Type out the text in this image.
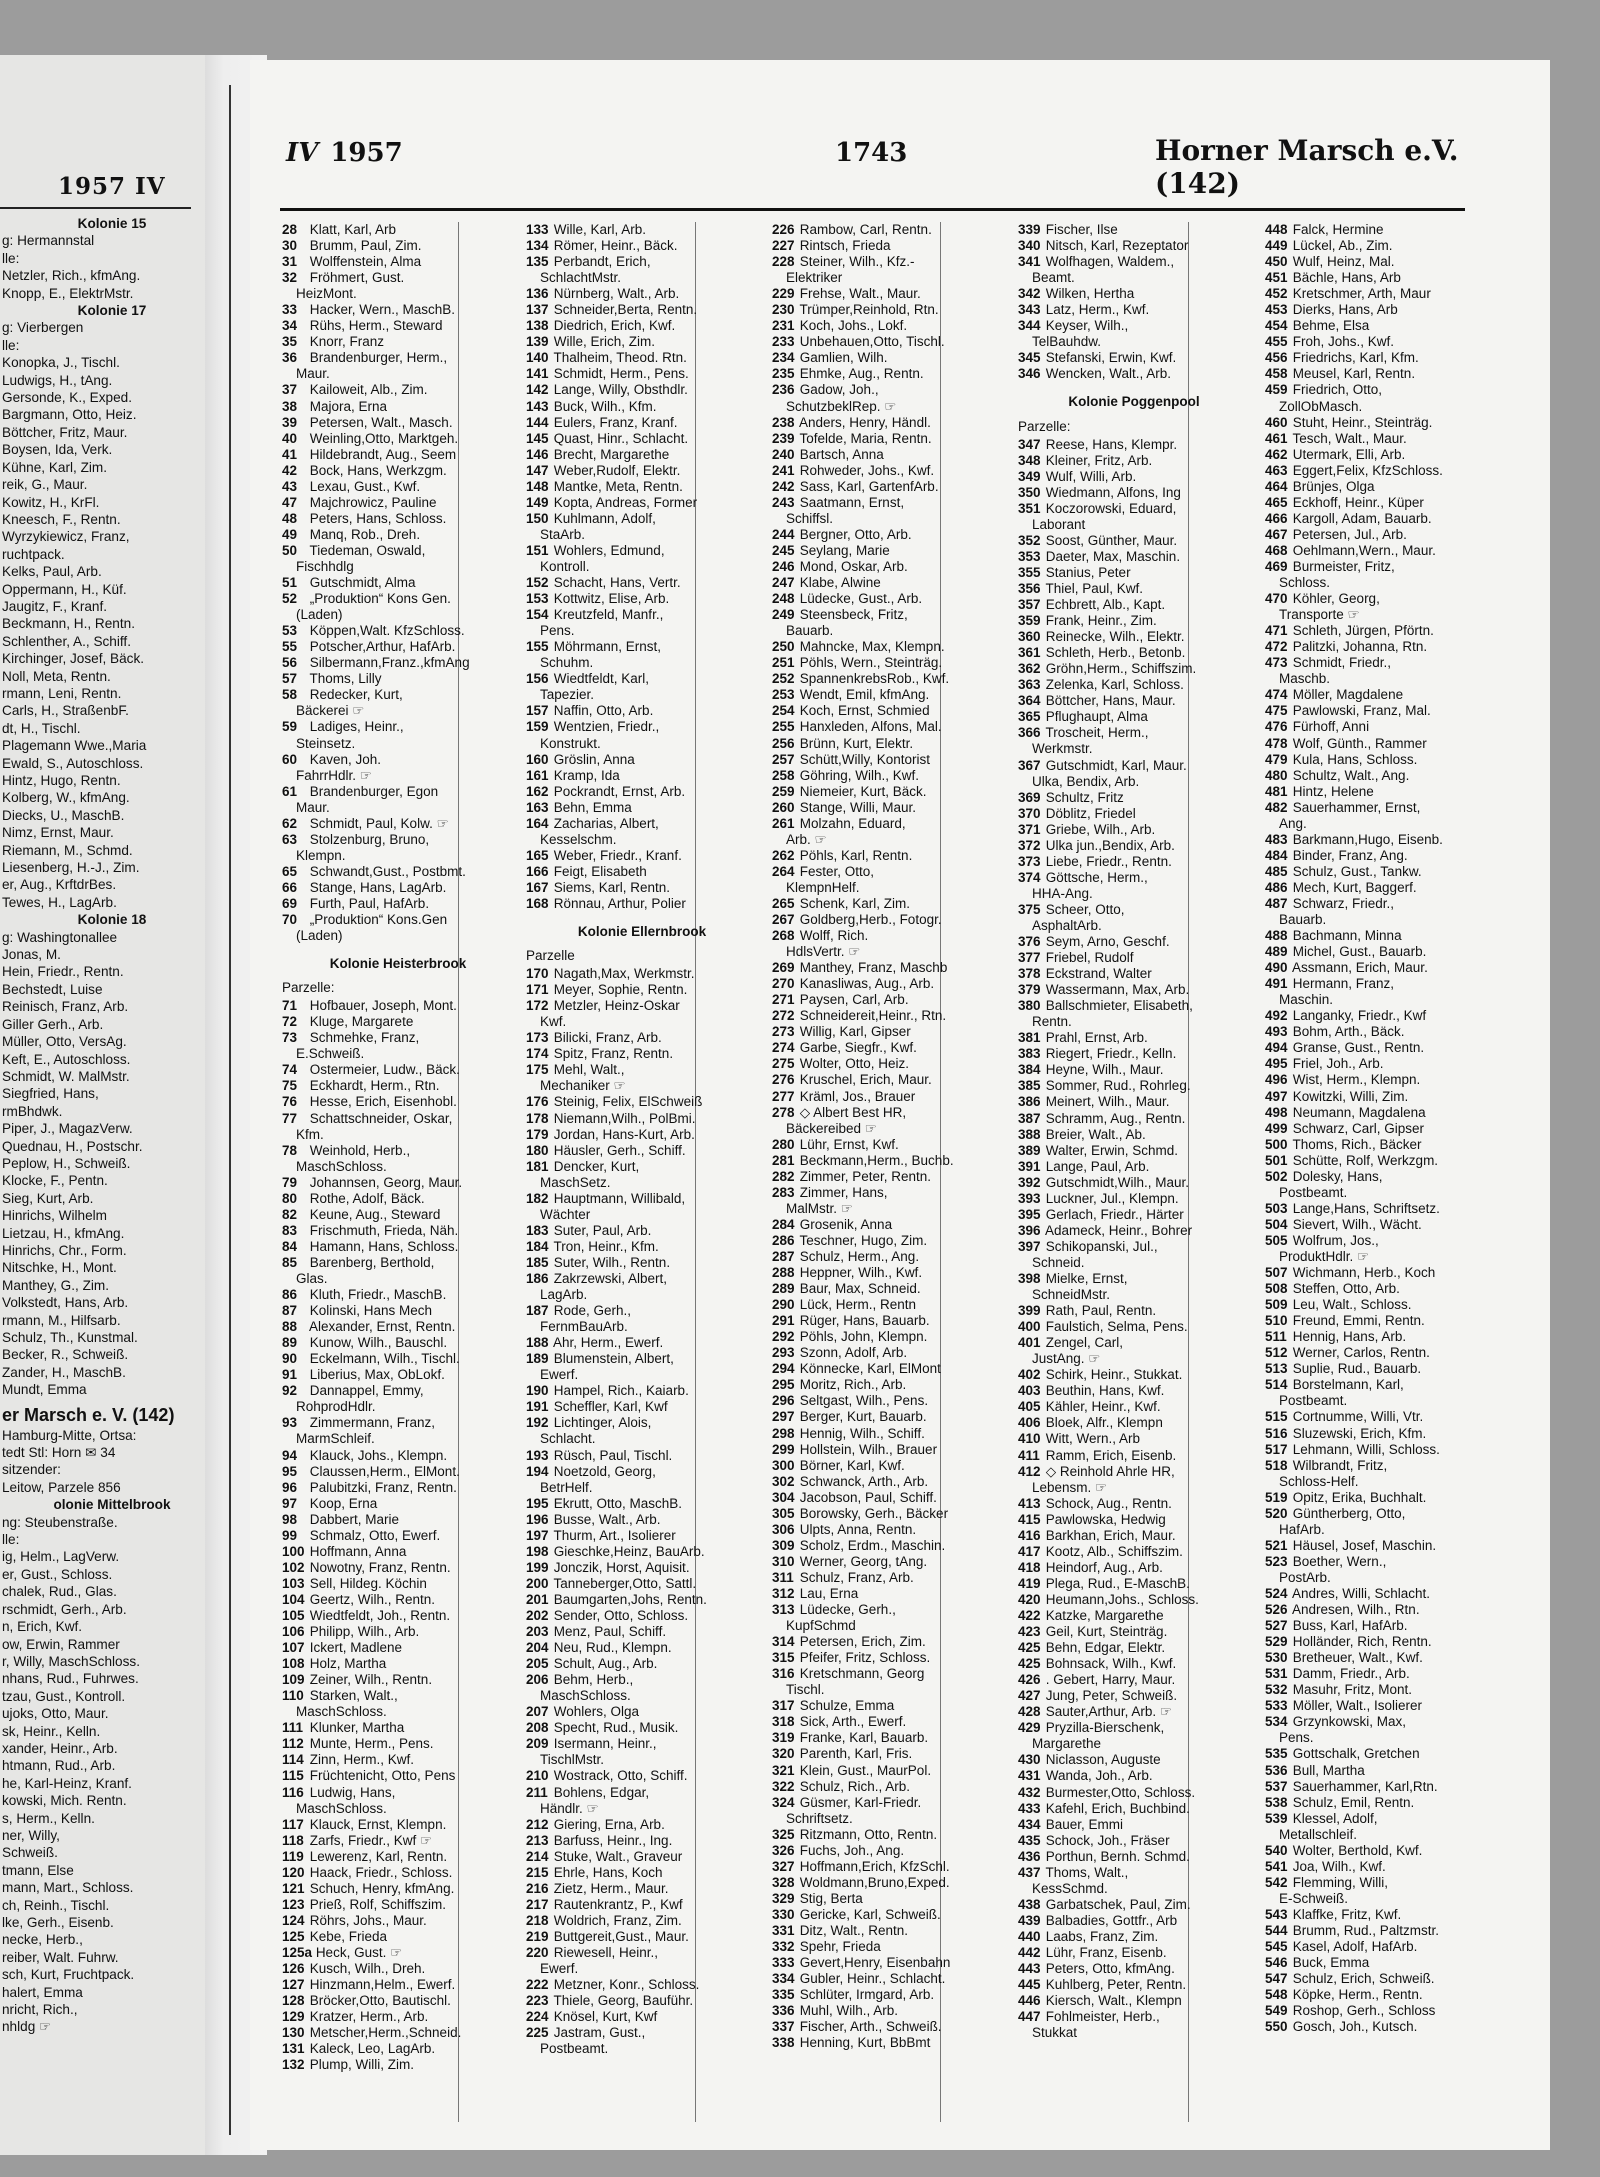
1957 IV
Kolonie 15
g: Hermannstal
lle:
Netzler, Rich., kfmAng.
Knopp, E., ElektrMstr.
Kolonie 17
g: Vierbergen
lle:
Konopka, J., Tischl.
Ludwigs, H., tAng.
Gersonde, K., Exped.
Bargmann, Otto, Heiz.
Böttcher, Fritz, Maur.
Boysen, Ida, Verk.
Kühne, Karl, Zim.
reik, G., Maur.
Kowitz, H., KrFl.
Kneesch, F., Rentn.
Wyrzykiewicz, Franz,
ruchtpack.
Kelks, Paul, Arb.
Oppermann, H., Küf.
Jaugitz, F., Kranf.
Beckmann, H., Rentn.
Schlenther, A., Schiff.
Kirchinger, Josef, Bäck.
Noll, Meta, Rentn.
rmann, Leni, Rentn.
Carls, H., StraßenbF.
dt, H., Tischl.
Plagemann Wwe.,Maria
Ewald, S., Autoschloss.
Hintz, Hugo, Rentn.
Kolberg, W., kfmAng.
Diecks, U., MaschB.
Nimz, Ernst, Maur.
Riemann, M., Schmd.
Liesenberg, H.-J., Zim.
er, Aug., KrftdrBes.
Tewes, H., LagArb.
Kolonie 18
g: Washingtonallee
Jonas, M.
Hein, Friedr., Rentn.
Bechstedt, Luise
Reinisch, Franz, Arb.
Giller Gerh., Arb.
Müller, Otto, VersAg.
Keft, E., Autoschloss.
Schmidt, W. MalMstr.
Siegfried, Hans,
rmBhdwk.
Piper, J., MagazVerw.
Quednau, H., Postschr.
Peplow, H., Schweiß.
Klocke, F., Pentn.
Sieg, Kurt, Arb.
Hinrichs, Wilhelm
Lietzau, H., kfmAng.
Hinrichs, Chr., Form.
Nitschke, H., Mont.
Manthey, G., Zim.
Volkstedt, Hans, Arb.
rmann, M., Hilfsarb.
Schulz, Th., Kunstmal.
Becker, R., Schweiß.
Zander, H., MaschB.
Mundt, Emma
er Marsch e. V. (142)
Hamburg-Mitte, Ortsa:
tedt Stl: Horn ✉ 34
sitzender:
Leitow, Parzele 856
olonie Mittelbrook
ng: Steubenstraße.
lle:
ig, Helm., LagVerw.
er, Gust., Schloss.
chalek, Rud., Glas.
rschmidt, Gerh., Arb.
n, Erich, Kwf.
ow, Erwin, Rammer
r, Willy, MaschSchloss.
nhans, Rud., Fuhrwes.
tzau, Gust., Kontroll.
ujoks, Otto, Maur.
sk, Heinr., Kelln.
xander, Heinr., Arb.
htmann, Rud., Arb.
he, Karl-Heinz, Kranf.
kowski, Mich. Rentn.
s, Herm., Kelln.
ner, Willy,
Schweiß.
tmann, Else
mann, Mart., Schloss.
ch, Reinh., Tischl.
lke, Gerh., Eisenb.
necke, Herb.,
reiber, Walt. Fuhrw.
sch, Kurt, Fruchtpack.
halert, Emma
nricht, Rich.,
nhldg ☞
IV 1957	1743	Horner Marsch e.V. (142)
28 Klatt, Karl, Arb
30 Brumm, Paul, Zim.
31 Wolffenstein, Alma
32 Fröhmert, Gust.
HeizMont.
33 Hacker, Wern., MaschB.
34 Rühs, Herm., Steward
35 Knorr, Franz
36 Brandenburger, Herm.,
Maur.
37 Kailoweit, Alb., Zim.
38 Majora, Erna
39 Petersen, Walt., Masch.
40 Weinling,Otto, Marktgeh.
41 Hildebrandt, Aug., Seem
42 Bock, Hans, Werkzgm.
43 Lexau, Gust., Kwf.
47 Majchrowicz, Pauline
48 Peters, Hans, Schloss.
49 Manq, Rob., Dreh.
50 Tiedeman, Oswald,
Fischhdlg
51 Gutschmidt, Alma
52 „Produktion“ Kons Gen.
(Laden)
53 Köppen,Walt. KfzSchloss.
55 Potscher,Arthur, HafArb.
56 Silbermann,Franz.,kfmAng
57 Thoms, Lilly
58 Redecker, Kurt,
Bäckerei ☞
59 Ladiges, Heinr.,
Steinsetz.
60 Kaven, Joh.
FahrrHdlr. ☞
61 Brandenburger, Egon
Maur.
62 Schmidt, Paul, Kolw. ☞
63 Stolzenburg, Bruno,
Klempn.
65 Schwandt,Gust., Postbmt.
66 Stange, Hans, LagArb.
69 Furth, Paul, HafArb.
70 „Produktion“ Kons.Gen
(Laden)
Kolonie Heisterbrook
Parzelle:
71 Hofbauer, Joseph, Mont.
72 Kluge, Margarete
73 Schmehke, Franz,
E.Schweiß.
74 Ostermeier, Ludw., Bäck.
75 Eckhardt, Herm., Rtn.
76 Hesse, Erich, Eisenhobl.
77 Schattschneider, Oskar,
Kfm.
78 Weinhold, Herb.,
MaschSchloss.
79 Johannsen, Georg, Maur.
80 Rothe, Adolf, Bäck.
82 Keune, Aug., Steward
83 Frischmuth, Frieda, Näh.
84 Hamann, Hans, Schloss.
85 Barenberg, Berthold,
Glas.
86 Kluth, Friedr., MaschB.
87 Kolinski, Hans Mech
88 Alexander, Ernst, Rentn.
89 Kunow, Wilh., Bauschl.
90 Eckelmann, Wilh., Tischl.
91 Liberius, Max, ObLokf.
92 Dannappel, Emmy,
RohprodHdlr.
93 Zimmermann, Franz,
MarmSchleif.
94 Klauck, Johs., Klempn.
95 Claussen,Herm., ElMont.
96 Palubitzki, Franz, Rentn.
97 Koop, Erna
98 Dabbert, Marie
99 Schmalz, Otto, Ewerf.
100 Hoffmann, Anna
102 Nowotny, Franz, Rentn.
103 Sell, Hildeg. Köchin
104 Geertz, Wilh., Rentn.
105 Wiedtfeldt, Joh., Rentn.
106 Philipp, Wilh., Arb.
107 Ickert, Madlene
108 Holz, Martha
109 Zeiner, Wilh., Rentn.
110 Starken, Walt.,
MaschSchloss.
111 Klunker, Martha
112 Munte, Herm., Pens.
114 Zinn, Herm., Kwf.
115 Früchtenicht, Otto, Pens
116 Ludwig, Hans,
MaschSchloss.
117 Klauck, Ernst, Klempn.
118 Zarfs, Friedr., Kwf ☞
119 Lewerenz, Karl, Rentn.
120 Haack, Friedr., Schloss.
121 Schuch, Henry, kfmAng.
123 Prieß, Rolf, Schiffszim.
124 Röhrs, Johs., Maur.
125 Kebe, Frieda
125a Heck, Gust. ☞
126 Kusch, Wilh., Dreh.
127 Hinzmann,Helm., Ewerf.
128 Bröcker,Otto, Bautischl.
129 Kratzer, Herm., Arb.
130 Metscher,Herm.,Schneid.
131 Kaleck, Leo, LagArb.
132 Plump, Willi, Zim.
133 Wille, Karl, Arb.
134 Römer, Heinr., Bäck.
135 Perbandt, Erich,
SchlachtMstr.
136 Nürnberg, Walt., Arb.
137 Schneider,Berta, Rentn.
138 Diedrich, Erich, Kwf.
139 Wille, Erich, Zim.
140 Thalheim, Theod. Rtn.
141 Schmidt, Herm., Pens.
142 Lange, Willy, Obsthdlr.
143 Buck, Wilh., Kfm.
144 Eulers, Franz, Kranf.
145 Quast, Hinr., Schlacht.
146 Brecht, Margarethe
147 Weber,Rudolf, Elektr.
148 Mantke, Meta, Rentn.
149 Kopta, Andreas, Former
150 Kuhlmann, Adolf,
StaArb.
151 Wohlers, Edmund,
Kontroll.
152 Schacht, Hans, Vertr.
153 Kottwitz, Elise, Arb.
154 Kreutzfeld, Manfr.,
Pens.
155 Möhrmann, Ernst,
Schuhm.
156 Wiedtfeldt, Karl,
Tapezier.
157 Naffin, Otto, Arb.
159 Wentzien, Friedr.,
Konstrukt.
160 Gröslin, Anna
161 Kramp, Ida
162 Pockrandt, Ernst, Arb.
163 Behn, Emma
164 Zacharias, Albert,
Kesselschm.
165 Weber, Friedr., Kranf.
166 Feigt, Elisabeth
167 Siems, Karl, Rentn.
168 Rönnau, Arthur, Polier
Kolonie Ellernbrook
Parzelle
170 Nagath,Max, Werkmstr.
171 Meyer, Sophie, Rentn.
172 Metzler, Heinz-Oskar
Kwf.
173 Bilicki, Franz, Arb.
174 Spitz, Franz, Rentn.
175 Mehl, Walt.,
Mechaniker ☞
176 Steinig, Felix, ElSchweiß
178 Niemann,Wilh., PolBmi.
179 Jordan, Hans-Kurt, Arb.
180 Häusler, Gerh., Schiff.
181 Dencker, Kurt,
MaschSetz.
182 Hauptmann, Willibald,
Wächter
183 Suter, Paul, Arb.
184 Tron, Heinr., Kfm.
185 Suter, Wilh., Rentn.
186 Zakrzewski, Albert,
LagArb.
187 Rode, Gerh.,
FernmBauArb.
188 Ahr, Herm., Ewerf.
189 Blumenstein, Albert,
Ewerf.
190 Hampel, Rich., Kaiarb.
191 Scheffler, Karl, Kwf
192 Lichtinger, Alois,
Schlacht.
193 Rüsch, Paul, Tischl.
194 Noetzold, Georg,
BetrHelf.
195 Ekrutt, Otto, MaschB.
196 Busse, Walt., Arb.
197 Thurm, Art., Isolierer
198 Gieschke,Heinz, BauArb.
199 Jonczik, Horst, Aquisit.
200 Tanneberger,Otto, Sattl.
201 Baumgarten,Johs, Rentn.
202 Sender, Otto, Schloss.
203 Menz, Paul, Schiff.
204 Neu, Rud., Klempn.
205 Schult, Aug., Arb.
206 Behm, Herb.,
MaschSchloss.
207 Wohlers, Olga
208 Specht, Rud., Musik.
209 Isermann, Heinr.,
TischlMstr.
210 Wostrack, Otto, Schiff.
211 Bohlens, Edgar,
Händlr. ☞
212 Giering, Erna, Arb.
213 Barfuss, Heinr., Ing.
214 Stuke, Walt., Graveur
215 Ehrle, Hans, Koch
216 Zietz, Herm., Maur.
217 Rautenkrantz, P., Kwf
218 Woldrich, Franz, Zim.
219 Buttgereit,Gust., Maur.
220 Riewesell, Heinr.,
Ewerf.
222 Metzner, Konr., Schloss.
223 Thiele, Georg, Bauführ.
224 Knösel, Kurt, Kwf
225 Jastram, Gust.,
Postbeamt.
226 Rambow, Carl, Rentn.
227 Rintsch, Frieda
228 Steiner, Wilh., Kfz.-
Elektriker
229 Frehse, Walt., Maur.
230 Trümper,Reinhold, Rtn.
231 Koch, Johs., Lokf.
233 Unbehauen,Otto, Tischl.
234 Gamlien, Wilh.
235 Ehmke, Aug., Rentn.
236 Gadow, Joh.,
SchutzbeklRep. ☞
238 Anders, Henry, Händl.
239 Tofelde, Maria, Rentn.
240 Bartsch, Anna
241 Rohweder, Johs., Kwf.
242 Sass, Karl, GartenfArb.
243 Saatmann, Ernst,
Schiffsl.
244 Bergner, Otto, Arb.
245 Seylang, Marie
246 Mond, Oskar, Arb.
247 Klabe, Alwine
248 Lüdecke, Gust., Arb.
249 Steensbeck, Fritz,
Bauarb.
250 Mahncke, Max, Klempn.
251 Pöhls, Wern., Steinträg.
252 SpannenkrebsRob., Kwf.
253 Wendt, Emil, kfmAng.
254 Koch, Ernst, Schmied
255 Hanxleden, Alfons, Mal.
256 Brünn, Kurt, Elektr.
257 Schütt,Willy, Kontorist
258 Göhring, Wilh., Kwf.
259 Niemeier, Kurt, Bäck.
260 Stange, Willi, Maur.
261 Molzahn, Eduard,
Arb. ☞
262 Pöhls, Karl, Rentn.
264 Fester, Otto,
KlempnHelf.
265 Schenk, Karl, Zim.
267 Goldberg,Herb., Fotogr.
268 Wolff, Rich.
HdlsVertr. ☞
269 Manthey, Franz, Maschb
270 Kanasliwas, Aug., Arb.
271 Paysen, Carl, Arb.
272 Schneidereit,Heinr., Rtn.
273 Willig, Karl, Gipser
274 Garbe, Siegfr., Kwf.
275 Wolter, Otto, Heiz.
276 Kruschel, Erich, Maur.
277 Kräml, Jos., Brauer
278 ◇ Albert Best HR,
Bäckereibed ☞
280 Lühr, Ernst, Kwf.
281 Beckmann,Herm., Buchb.
282 Zimmer, Peter, Rentn.
283 Zimmer, Hans,
MalMstr. ☞
284 Grosenik, Anna
286 Teschner, Hugo, Zim.
287 Schulz, Herm., Ang.
288 Heppner, Wilh., Kwf.
289 Baur, Max, Schneid.
290 Lück, Herm., Rentn
291 Rüger, Hans, Bauarb.
292 Pöhls, John, Klempn.
293 Szonn, Adolf, Arb.
294 Könnecke, Karl, ElMont
295 Moritz, Rich., Arb.
296 Seltgast, Wilh., Pens.
297 Berger, Kurt, Bauarb.
298 Hennig, Wilh., Schiff.
299 Hollstein, Wilh., Brauer
300 Börner, Karl, Kwf.
302 Schwanck, Arth., Arb.
304 Jacobson, Paul, Schiff.
305 Borowsky, Gerh., Bäcker
306 Ulpts, Anna, Rentn.
309 Scholz, Erdm., Maschin.
310 Werner, Georg, tAng.
311 Schulz, Franz, Arb.
312 Lau, Erna
313 Lüdecke, Gerh.,
KupfSchmd
314 Petersen, Erich, Zim.
315 Pfeifer, Fritz, Schloss.
316 Kretschmann, Georg
Tischl.
317 Schulze, Emma
318 Sick, Arth., Ewerf.
319 Franke, Karl, Bauarb.
320 Parenth, Karl, Fris.
321 Klein, Gust., MaurPol.
322 Schulz, Rich., Arb.
324 Güsmer, Karl-Friedr.
Schriftsetz.
325 Ritzmann, Otto, Rentn.
326 Fuchs, Joh., Ang.
327 Hoffmann,Erich, KfzSchl.
328 Woldmann,Bruno,Exped.
329 Stig, Berta
330 Gericke, Karl, Schweiß.
331 Ditz, Walt., Rentn.
332 Spehr, Frieda
333 Gevert,Henry, Eisenbahn
334 Gubler, Heinr., Schlacht.
335 Schlüter, Irmgard, Arb.
336 Muhl, Wilh., Arb.
337 Fischer, Arth., Schweiß.
338 Henning, Kurt, BbBmt
339 Fischer, Ilse
340 Nitsch, Karl, Rezeptator
341 Wolfhagen, Waldem.,
Beamt.
342 Wilken, Hertha
343 Latz, Herm., Kwf.
344 Keyser, Wilh.,
TelBauhdw.
345 Stefanski, Erwin, Kwf.
346 Wencken, Walt., Arb.
Kolonie Poggenpool
Parzelle:
347 Reese, Hans, Klempr.
348 Kleiner, Fritz, Arb.
349 Wulf, Willi, Arb.
350 Wiedmann, Alfons, Ing
351 Koczorowski, Eduard,
Laborant
352 Soost, Günther, Maur.
353 Daeter, Max, Maschin.
355 Stanius, Peter
356 Thiel, Paul, Kwf.
357 Echbrett, Alb., Kapt.
359 Frank, Heinr., Zim.
360 Reinecke, Wilh., Elektr.
361 Schleth, Herb., Betonb.
362 Gröhn,Herm., Schiffszim.
363 Zelenka, Karl, Schloss.
364 Böttcher, Hans, Maur.
365 Pflughaupt, Alma
366 Troscheit, Herm.,
Werkmstr.
367 Gutschmidt, Karl, Maur.
Ulka, Bendix, Arb.
369 Schultz, Fritz
370 Döblitz, Friedel
371 Griebe, Wilh., Arb.
372 Ulka jun.,Bendix, Arb.
373 Liebe, Friedr., Rentn.
374 Göttsche, Herm.,
HHA-Ang.
375 Scheer, Otto,
AsphaltArb.
376 Seym, Arno, Geschf.
377 Friebel, Rudolf
378 Eckstrand, Walter
379 Wassermann, Max, Arb.
380 Ballschmieter, Elisabeth,
Rentn.
381 Prahl, Ernst, Arb.
383 Riegert, Friedr., Kelln.
384 Heyne, Wilh., Maur.
385 Sommer, Rud., Rohrleg.
386 Meinert, Wilh., Maur.
387 Schramm, Aug., Rentn.
388 Breier, Walt., Ab.
389 Walter, Erwin, Schmd.
391 Lange, Paul, Arb.
392 Gutschmidt,Wilh., Maur.
393 Luckner, Jul., Klempn.
395 Gerlach, Friedr., Härter
396 Adameck, Heinr., Bohrer
397 Schikopanski, Jul.,
Schneid.
398 Mielke, Ernst,
SchneidMstr.
399 Rath, Paul, Rentn.
400 Faulstich, Selma, Pens.
401 Zengel, Carl,
JustAng. ☞
402 Schirk, Heinr., Stukkat.
403 Beuthin, Hans, Kwf.
405 Kähler, Heinr., Kwf.
406 Bloek, Alfr., Klempn
410 Witt, Wern., Arb
411 Ramm, Erich, Eisenb.
412 ◇ Reinhold Ahrle HR,
Lebensm. ☞
413 Schock, Aug., Rentn.
415 Pawlowska, Hedwig
416 Barkhan, Erich, Maur.
417 Kootz, Alb., Schiffszim.
418 Heindorf, Aug., Arb.
419 Plega, Rud., E-MaschB.
420 Heumann,Johs., Schloss.
422 Katzke, Margarethe
423 Geil, Kurt, Steinträg.
425 Behn, Edgar, Elektr.
425 Bohnsack, Wilh., Kwf.
426 . Gebert, Harry, Maur.
427 Jung, Peter, Schweiß.
428 Sauter,Arthur, Arb. ☞
429 Pryzilla-Bierschenk,
Margarethe
430 Niclasson, Auguste
431 Wanda, Joh., Arb.
432 Burmester,Otto, Schloss.
433 Kafehl, Erich, Buchbind.
434 Bauer, Emmi
435 Schock, Joh., Fräser
436 Porthun, Bernh. Schmd.
437 Thoms, Walt.,
KessSchmd.
438 Garbatschek, Paul, Zim.
439 Balbadies, Gottfr., Arb
440 Laabs, Franz, Zim.
442 Lühr, Franz, Eisenb.
443 Peters, Otto, kfmAng.
445 Kuhlberg, Peter, Rentn.
446 Kiersch, Walt., Klempn
447 Fohlmeister, Herb.,
Stukkat
448 Falck, Hermine
449 Lückel, Ab., Zim.
450 Wulf, Heinz, Mal.
451 Bächle, Hans, Arb
452 Kretschmer, Arth, Maur
453 Dierks, Hans, Arb
454 Behme, Elsa
455 Froh, Johs., Kwf.
456 Friedrichs, Karl, Kfm.
458 Meusel, Karl, Rentn.
459 Friedrich, Otto,
ZollObMasch.
460 Stuht, Heinr., Steinträg.
461 Tesch, Walt., Maur.
462 Utermark, Elli, Arb.
463 Eggert,Felix, KfzSchloss.
464 Brünjes, Olga
465 Eckhoff, Heinr., Küper
466 Kargoll, Adam, Bauarb.
467 Petersen, Jul., Arb.
468 Oehlmann,Wern., Maur.
469 Burmeister, Fritz,
Schloss.
470 Köhler, Georg,
Transporte ☞
471 Schleth, Jürgen, Pförtn.
472 Palitzki, Johanna, Rtn.
473 Schmidt, Friedr.,
Maschb.
474 Möller, Magdalene
475 Pawlowski, Franz, Mal.
476 Fürhoff, Anni
478 Wolf, Günth., Rammer
479 Kula, Hans, Schloss.
480 Schultz, Walt., Ang.
481 Hintz, Helene
482 Sauerhammer, Ernst,
Ang.
483 Barkmann,Hugo, Eisenb.
484 Binder, Franz, Ang.
485 Schulz, Gust., Tankw.
486 Mech, Kurt, Baggerf.
487 Schwarz, Friedr.,
Bauarb.
488 Bachmann, Minna
489 Michel, Gust., Bauarb.
490 Assmann, Erich, Maur.
491 Hermann, Franz,
Maschin.
492 Langanky, Friedr., Kwf
493 Bohm, Arth., Bäck.
494 Granse, Gust., Rentn.
495 Friel, Joh., Arb.
496 Wist, Herm., Klempn.
497 Kowitzki, Willi, Zim.
498 Neumann, Magdalena
499 Schwarz, Carl, Gipser
500 Thoms, Rich., Bäcker
501 Schütte, Rolf, Werkzgm.
502 Dolesky, Hans,
Postbeamt.
503 Lange,Hans, Schriftsetz.
504 Sievert, Wilh., Wächt.
505 Wolfrum, Jos.,
ProduktHdlr. ☞
507 Wichmann, Herb., Koch
508 Steffen, Otto, Arb.
509 Leu, Walt., Schloss.
510 Freund, Emmi, Rentn.
511 Hennig, Hans, Arb.
512 Werner, Carlos, Rentn.
513 Suplie, Rud., Bauarb.
514 Borstelmann, Karl,
Postbeamt.
515 Cortnumme, Willi, Vtr.
516 Sluzewski, Erich, Kfm.
517 Lehmann, Willi, Schloss.
518 Wilbrandt, Fritz,
Schloss-Helf.
519 Opitz, Erika, Buchhalt.
520 Güntherberg, Otto,
HafArb.
521 Häusel, Josef, Maschin.
523 Boether, Wern.,
PostArb.
524 Andres, Willi, Schlacht.
526 Andresen, Wilh., Rtn.
527 Buss, Karl, HafArb.
529 Holländer, Rich, Rentn.
530 Bretheuer, Walt., Kwf.
531 Damm, Friedr., Arb.
532 Masuhr, Fritz, Mont.
533 Möller, Walt., Isolierer
534 Grzynkowski, Max,
Pens.
535 Gottschalk, Gretchen
536 Bull, Martha
537 Sauerhammer, Karl,Rtn.
538 Schulz, Emil, Rentn.
539 Klessel, Adolf,
Metallschleif.
540 Wolter, Berthold, Kwf.
541 Joa, Wilh., Kwf.
542 Flemming, Willi,
E-Schweiß.
543 Klaffke, Fritz, Kwf.
544 Brumm, Rud., Paltzmstr.
545 Kasel, Adolf, HafArb.
546 Buck, Emma
547 Schulz, Erich, Schweiß.
548 Köpke, Herm., Rentn.
549 Roshop, Gerh., Schloss
550 Gosch, Joh., Kutsch.
